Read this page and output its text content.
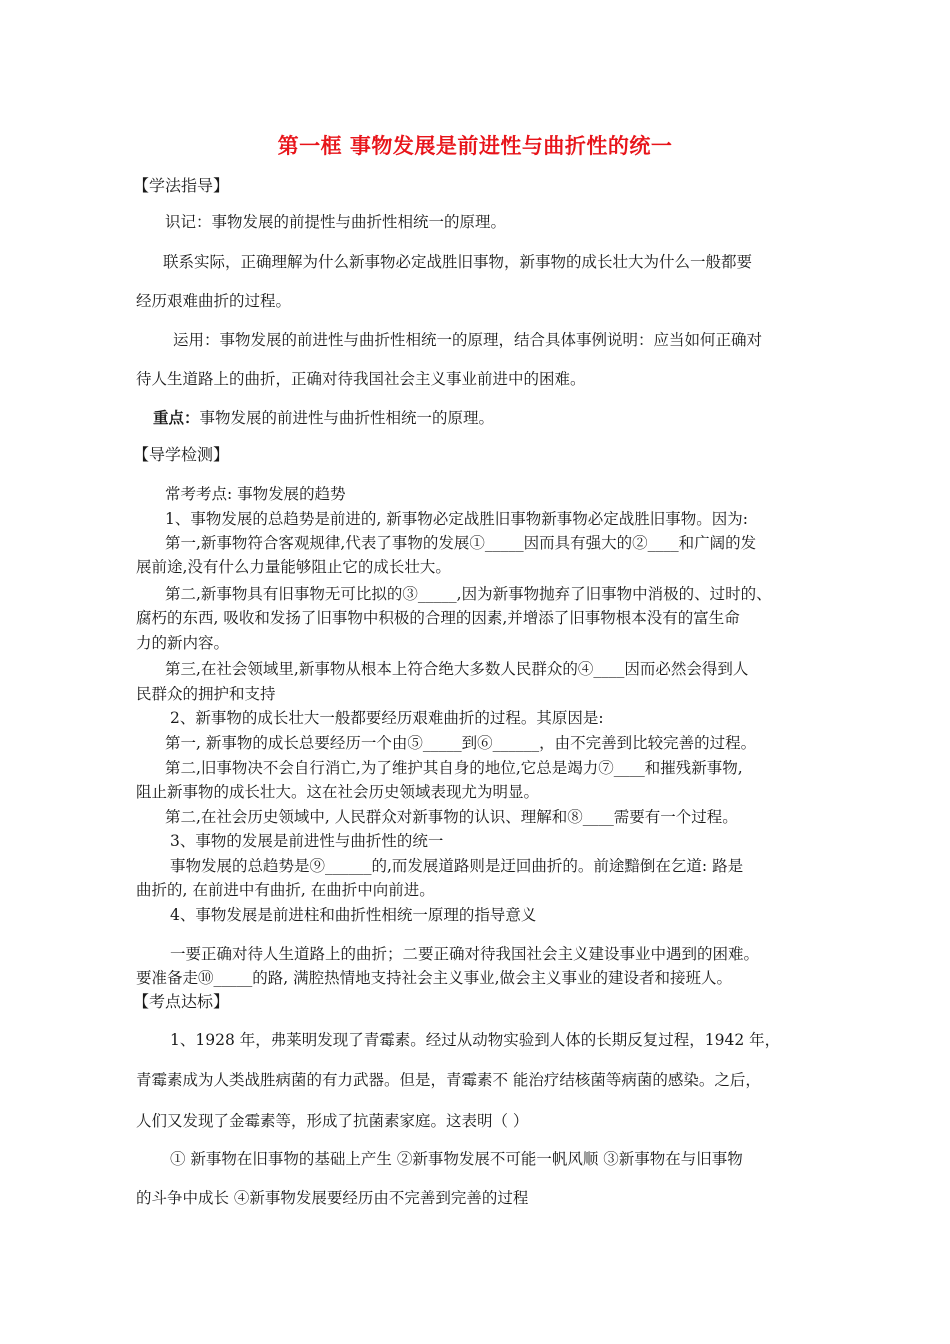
第一框 事物发展是前进性与曲折性的统一
【学法指导】
识记：事物发展的前提性与曲折性相统一的原理。
联系实际，正确理解为什么新事物必定战胜旧事物，新事物的成长壮大为什么一般都要
经历艰难曲折的过程。
运用：事物发展的前进性与曲折性相统一的原理，结合具体事例说明：应当如何正确对
待人生道路上的曲折，正确对待我国社会主义事业前进中的困难。
重点：事物发展的前进性与曲折性相统一的原理。
【导学检测】
常考考点: 事物发展的趋势
1、事物发展的总趋势是前进的, 新事物必定战胜旧事物新事物必定战胜旧事物。因为:
第一,新事物符合客观规律,代表了事物的发展①_____因而具有强大的②____和广阔的发
展前途,没有什么力量能够阻止它的成长壮大。
第二,新事物具有旧事物无可比拟的③_____,因为新事物抛弃了旧事物中消极的、过时的、
腐朽的东西, 吸收和发扬了旧事物中积极的合理的因素,并增添了旧事物根本没有的富生命
力的新内容。
第三,在社会领域里,新事物从根本上符合绝大多数人民群众的④____因而必然会得到人
民群众的拥护和支持
2、新事物的成长壮大一般都要经历艰难曲折的过程。其原因是:
第一, 新事物的成长总要经历一个由⑤_____到⑥______，由不完善到比较完善的过程。
第二,旧事物决不会自行消亡,为了维护其自身的地位,它总是竭力⑦____和摧残新事物,
阻止新事物的成长壮大。这在社会历史领域表现尤为明显。
第二,在社会历史领域中, 人民群众对新事物的认识、理解和⑧____需要有一个过程。
3、事物的发展是前进性与曲折性的统一
事物发展的总趋势是⑨______的,而发展道路则是迂回曲折的。前途黯倒在乞道: 路是
曲折的, 在前进中有曲折, 在曲折中向前进。
4、事物发展是前进柱和曲折性相统一原理的指导意义
一要正确对待人生道路上的曲折；二要正确对待我国社会主义建设事业中遇到的困难。
要准备走⑩_____的路, 满腔热情地支持社会主义事业,做会主义事业的建设者和接班人。
【考点达标】
1、1928 年，弗莱明发现了青霉素。经过从动物实验到人体的长期反复过程，1942 年，
青霉素成为人类战胜病菌的有力武器。但是，青霉素不 能治疗结核菌等病菌的感染。之后，
人们又发现了金霉素等，形成了抗菌素家庭。这表明（ ）
① 新事物在旧事物的基础上产生 ②新事物发展不可能一帆风顺 ③新事物在与旧事物
的斗争中成长 ④新事物发展要经历由不完善到完善的过程
